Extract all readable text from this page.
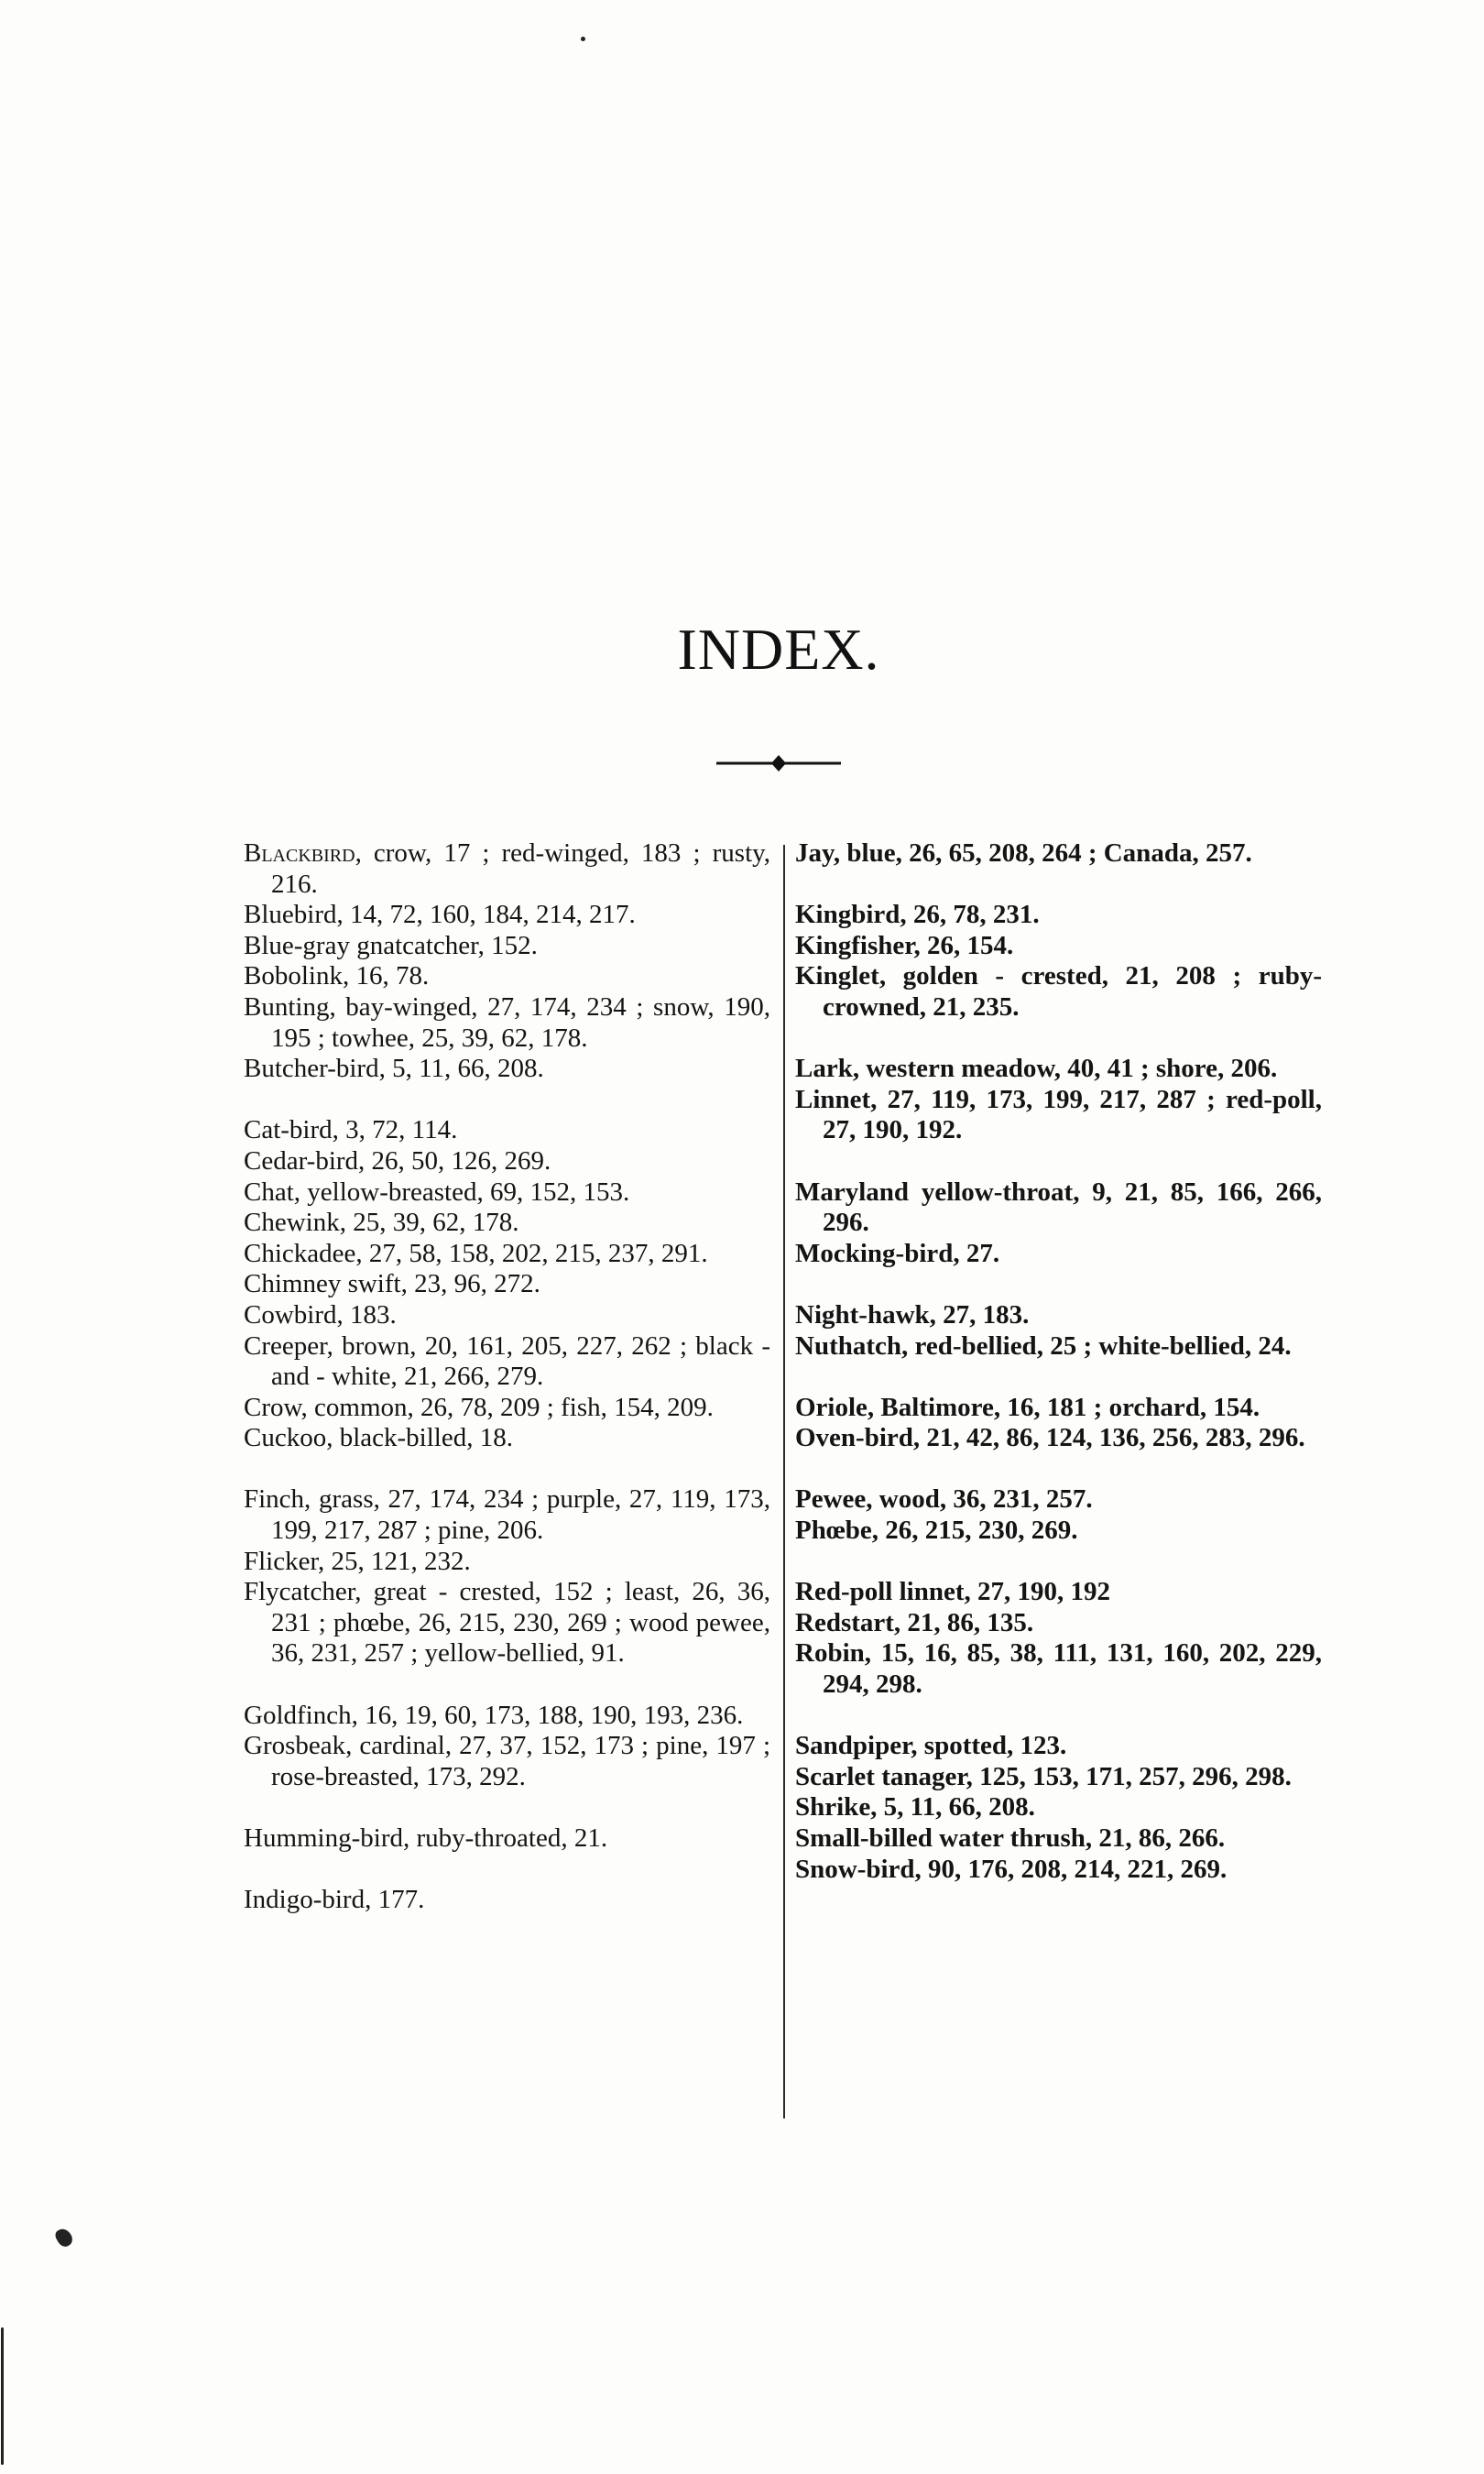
INDEX.
Blackbird, crow, 17 ; red-winged, 183 ; rusty, 216.
Bluebird, 14, 72, 160, 184, 214, 217.
Blue-gray gnatcatcher, 152.
Bobolink, 16, 78.
Bunting, bay-winged, 27, 174, 234 ; snow, 190, 195 ; towhee, 25, 39, 62, 178.
Butcher-bird, 5, 11, 66, 208.
Cat-bird, 3, 72, 114.
Cedar-bird, 26, 50, 126, 269.
Chat, yellow-breasted, 69, 152, 153.
Chewink, 25, 39, 62, 178.
Chickadee, 27, 58, 158, 202, 215, 237, 291.
Chimney swift, 23, 96, 272.
Cowbird, 183.
Creeper, brown, 20, 161, 205, 227, 262 ; black - and - white, 21, 266, 279.
Crow, common, 26, 78, 209 ; fish, 154, 209.
Cuckoo, black-billed, 18.
Finch, grass, 27, 174, 234 ; purple, 27, 119, 173, 199, 217, 287 ; pine, 206.
Flicker, 25, 121, 232.
Flycatcher, great - crested, 152 ; least, 26, 36, 231 ; phœbe, 26, 215, 230, 269 ; wood pewee, 36, 231, 257 ; yellow-bellied, 91.
Goldfinch, 16, 19, 60, 173, 188, 190, 193, 236.
Grosbeak, cardinal, 27, 37, 152, 173 ; pine, 197 ; rose-breasted, 173, 292.
Humming-bird, ruby-throated, 21.
Indigo-bird, 177.
Jay, blue, 26, 65, 208, 264 ; Canada, 257.
Kingbird, 26, 78, 231.
Kingfisher, 26, 154.
Kinglet, golden - crested, 21, 208 ; ruby-crowned, 21, 235.
Lark, western meadow, 40, 41 ; shore, 206.
Linnet, 27, 119, 173, 199, 217, 287 ; red-poll, 27, 190, 192.
Maryland yellow-throat, 9, 21, 85, 166, 266, 296.
Mocking-bird, 27.
Night-hawk, 27, 183.
Nuthatch, red-bellied, 25 ; white-bellied, 24.
Oriole, Baltimore, 16, 181 ; orchard, 154.
Oven-bird, 21, 42, 86, 124, 136, 256, 283, 296.
Pewee, wood, 36, 231, 257.
Phœbe, 26, 215, 230, 269.
Red-poll linnet, 27, 190, 192
Redstart, 21, 86, 135.
Robin, 15, 16, 85, 38, 111, 131, 160, 202, 229, 294, 298.
Sandpiper, spotted, 123.
Scarlet tanager, 125, 153, 171, 257, 296, 298.
Shrike, 5, 11, 66, 208.
Small-billed water thrush, 21, 86, 266.
Snow-bird, 90, 176, 208, 214, 221, 269.
